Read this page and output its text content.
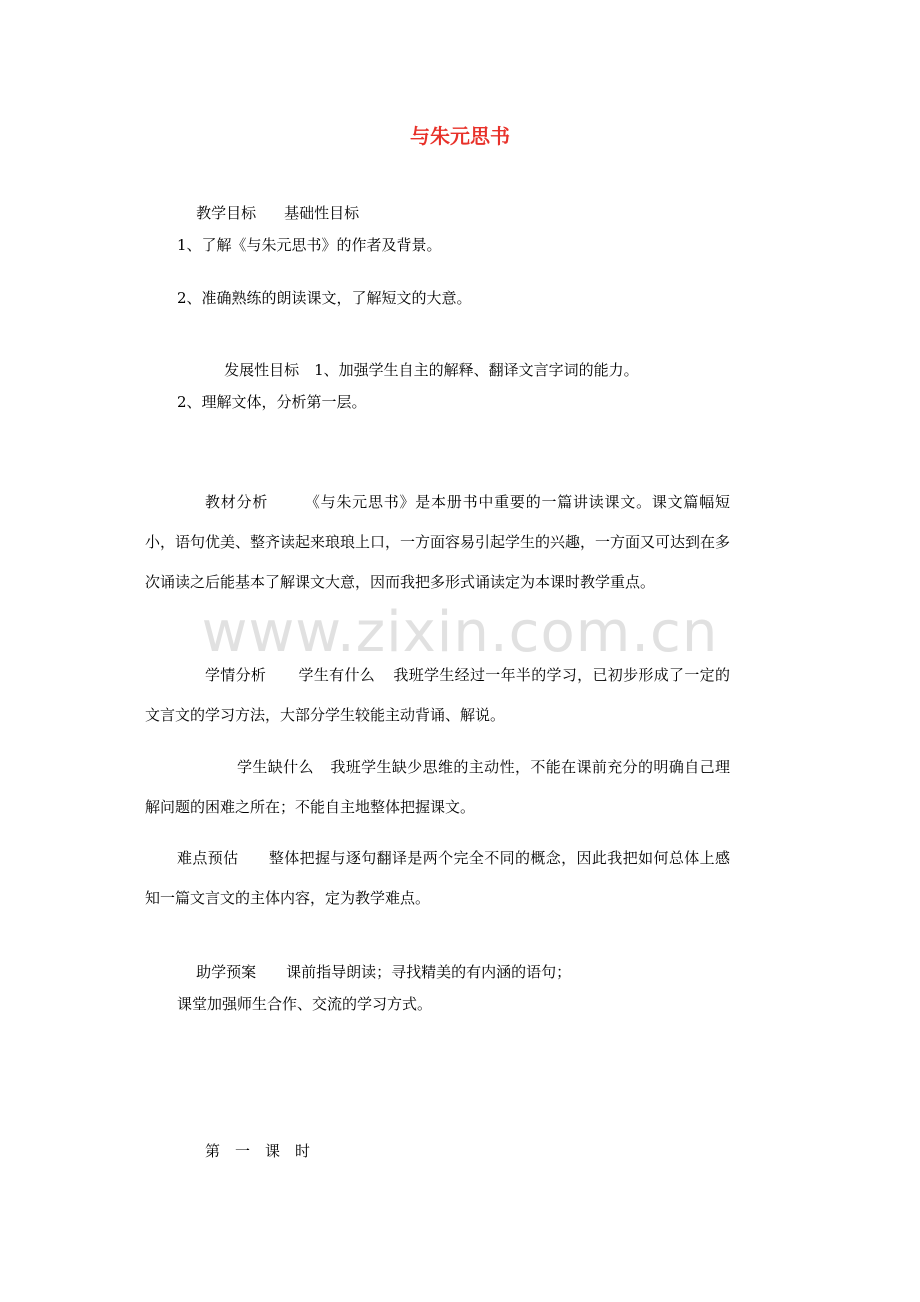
与朱元思书

教学目标 基础性目标

1、了解《与朱元思书》的作者及背景。
2、准确熟练的朗读课文，了解短文的大意。

发展性目标 1、加强学生自主的解释、翻译文言字词的能力。

2、理解文体，分析第一层。
教材分析 《与朱元思书》是本册书中重要的一篇讲读课文。课文篇幅短小，语句优美、整齐读起来琅琅上口，一方面容易引起学生的兴趣，一方面又可达到在多次诵读之后能基本了解课文大意，因而我把多形式诵读定为本课时教学重点。
学情分析 学生有什么 我班学生经过一年半的学习，已初步形成了一定的文言文的学习方法，大部分学生较能主动背诵、解说。
学生缺什么 我班学生缺少思维的主动性，不能在课前充分的明确自己理解问题的困难之所在；不能自主地整体把握课文。
难点预估 整体把握与逐句翻译是两个完全不同的概念，因此我把如何总体上感知一篇文言文的主体内容，定为教学难点。

助学预案 课前指导朗读；寻找精美的有内涵的语句；

课堂加强师生合作、交流的学习方式。
第　一　课　时
www.zixin.com.cn
